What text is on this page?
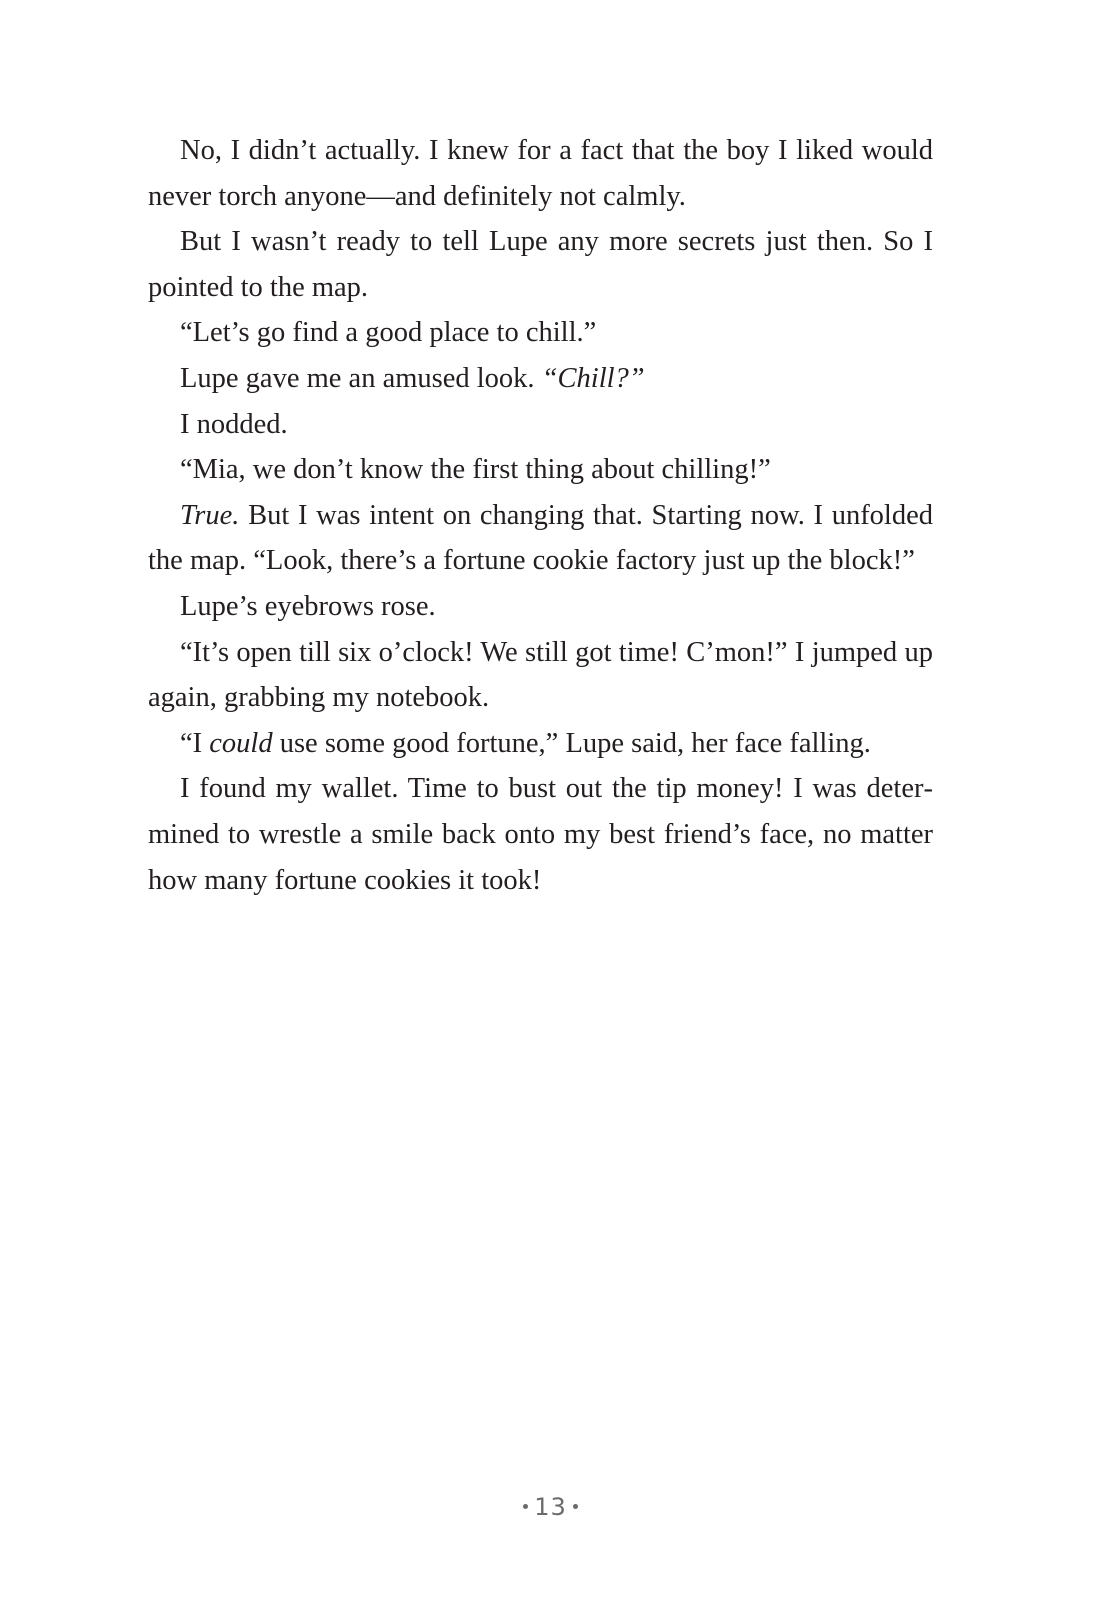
No, I didn’t actually. I knew for a fact that the boy I liked would never torch anyone—and definitely not calmly.

But I wasn’t ready to tell Lupe any more secrets just then. So I pointed to the map.

“Let’s go find a good place to chill.”

Lupe gave me an amused look. “Chill?”

I nodded.

“Mia, we don’t know the first thing about chilling!”

True. But I was intent on changing that. Starting now. I unfolded the map. “Look, there’s a fortune cookie factory just up the block!”

Lupe’s eyebrows rose.

“It’s open till six o’clock! We still got time! C’mon!” I jumped up again, grabbing my notebook.

“I could use some good fortune,” Lupe said, her face falling.

I found my wallet. Time to bust out the tip money! I was determined to wrestle a smile back onto my best friend’s face, no matter how many fortune cookies it took!

13
